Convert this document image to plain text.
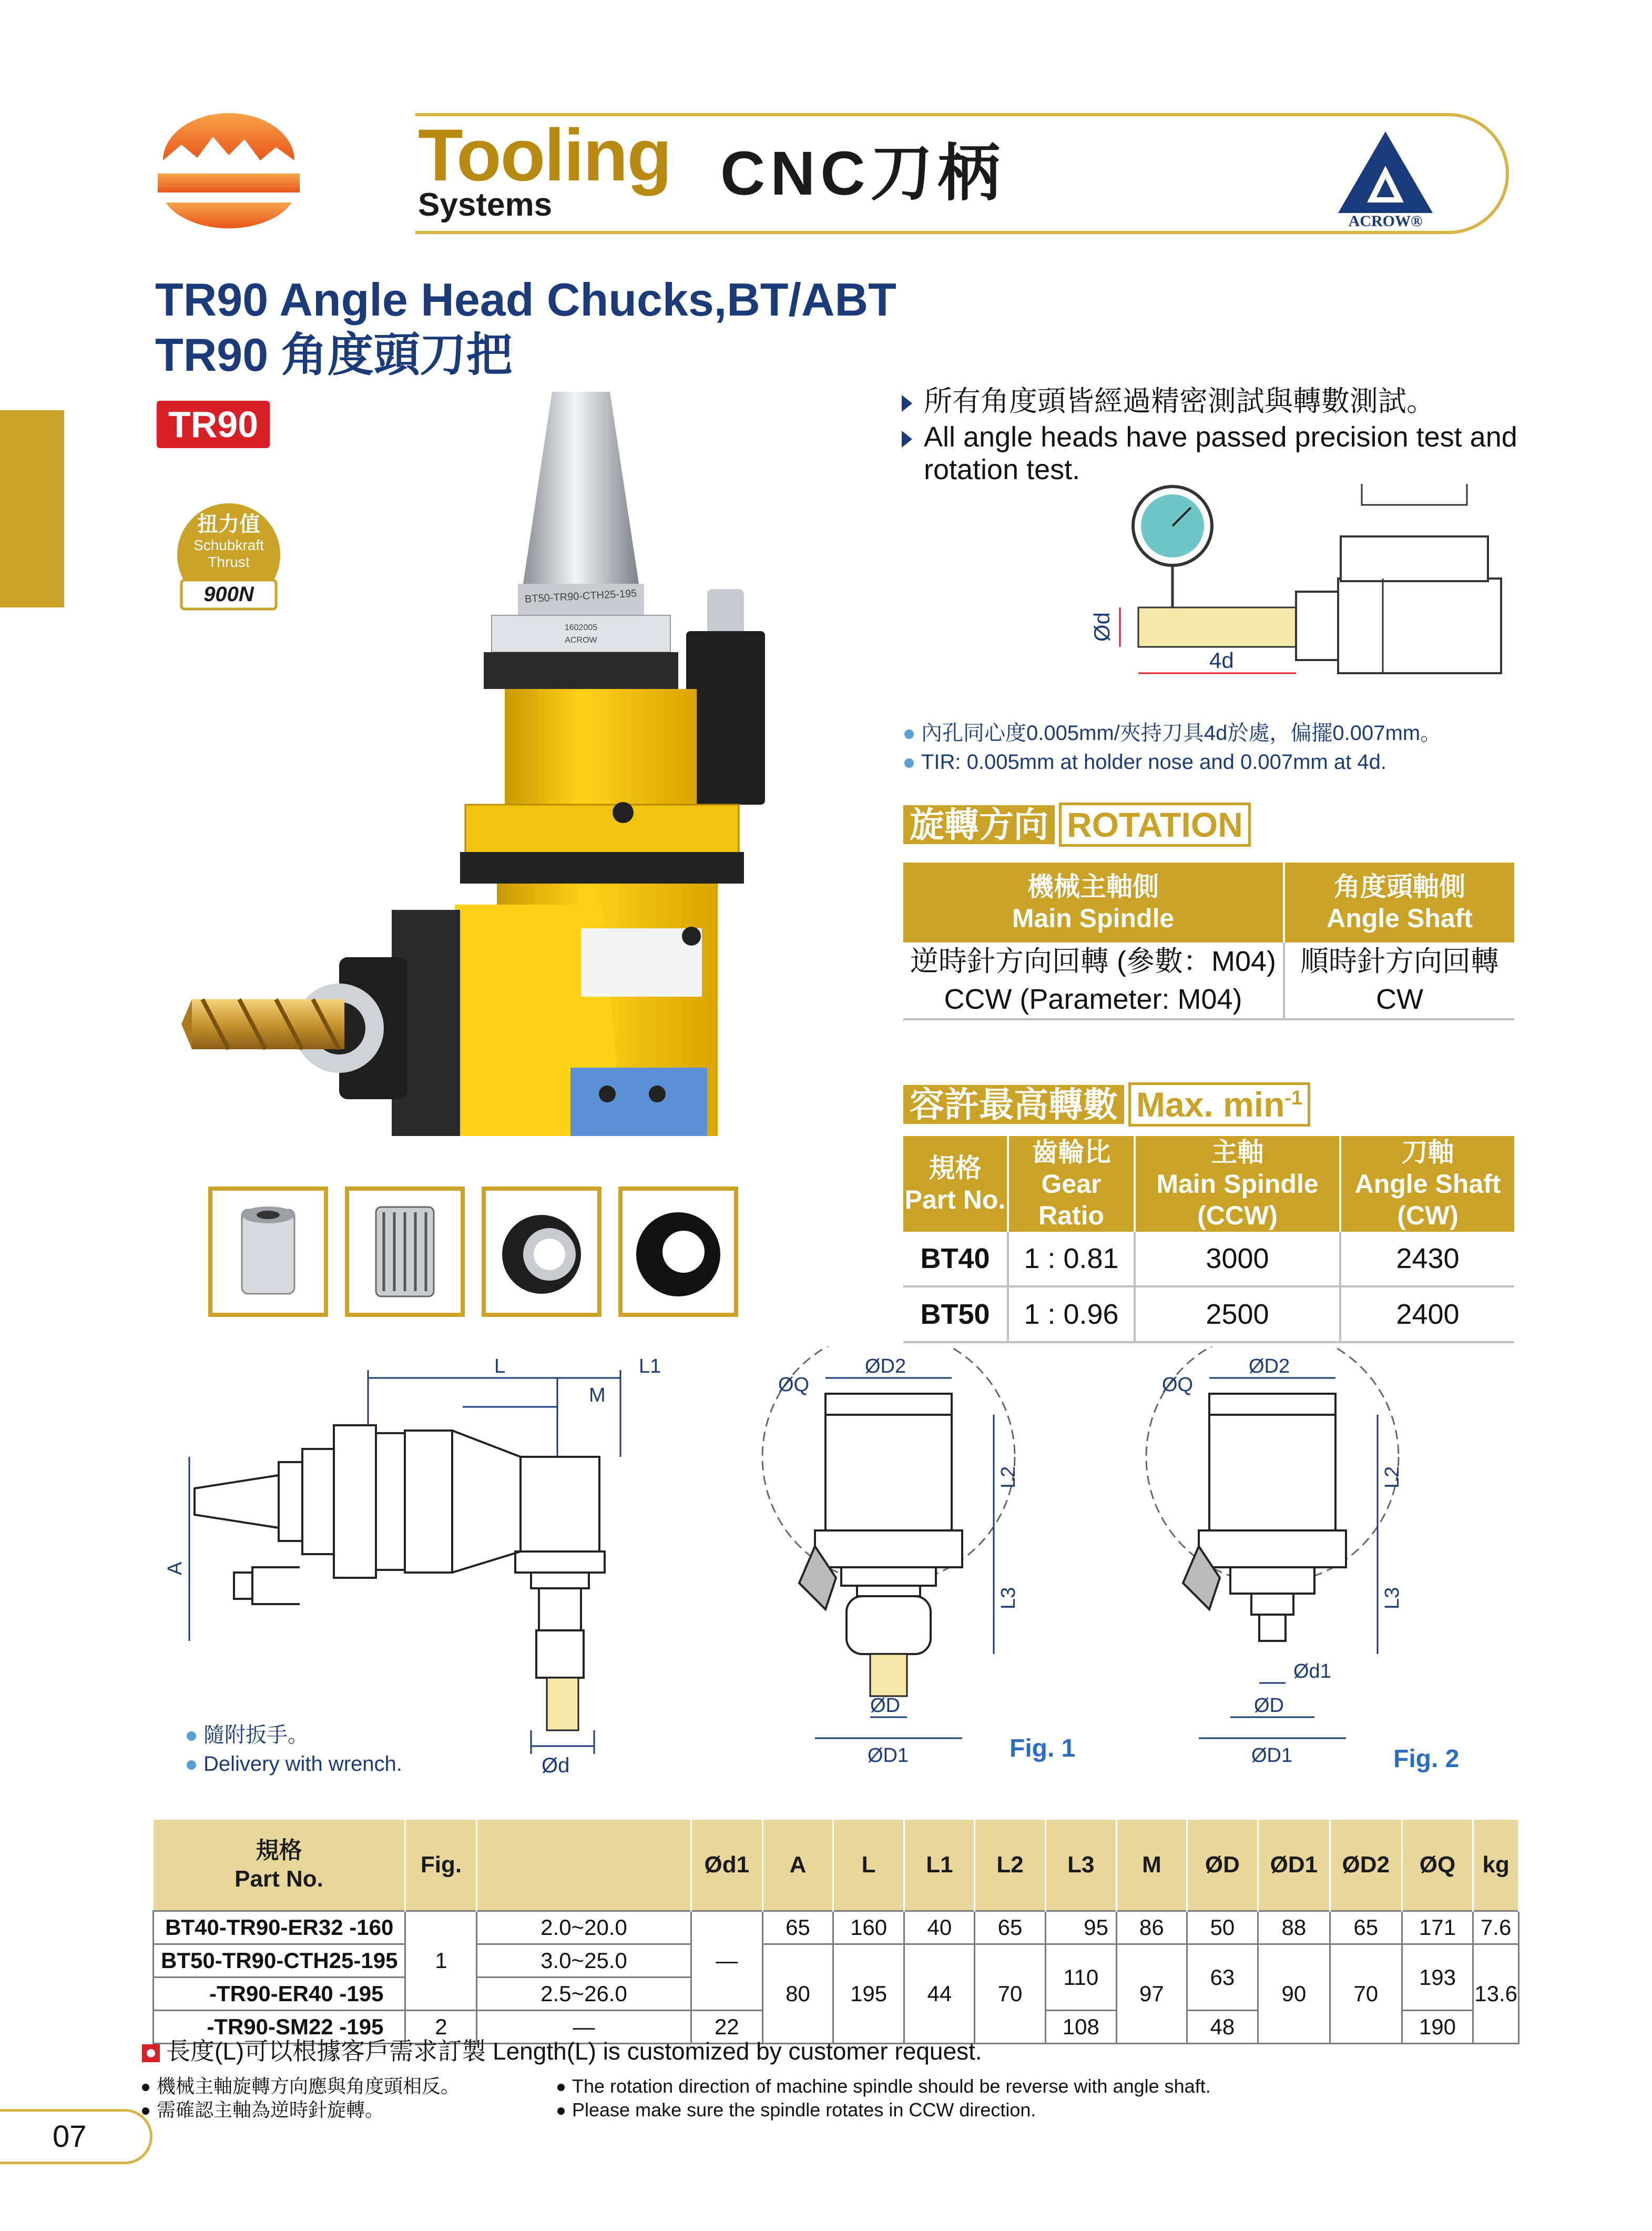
Tooling
Systems	CNC刀柄
ACROW®
TR90 Angle Head Chucks,BT/ABT
TR90 角度頭刀把
TR90
扭力值
Schubkraft
Thrust
900N	BT50-TR90-CTH25-195
1602005
ACROW
所有角度頭皆經過精密測試與轉數測試。
All angle heads have passed precision test and
rotation test.
Ød
4d
內孔同心度0.005mm/夾持刀具4d於處，偏擺0.007mm。
TIR: 0.005mm at holder nose and 0.007mm at 4d.
旋轉方向 ROTATION
機械主軸側
Main Spindle	角度頭軸側
Angle Shaft
逆時針方向回轉 (參數：M04)	順時針方向回轉
CCW (Parameter: M04)	CW
容許最高轉數 Max. $\min^{-1}$
規格
Part No.	齒輪比
Gear Ratio	主軸
Main Spindle (CCW)	刀軸
Angle Shaft (CW)
BT40	1 : 0.81	3000	2430
BT50	1 : 0.96	2500	2400
L	L1
M
A
Ød
ØQ
ØD2
L2
L3
ØD
ØD1	Fig. 1
ØQ
ØD2
L2
L3
Ød1
ØD
ØD1	Fig. 2
隨附扳手。
Delivery with wrench.
規格
Part No.	Fig.		Ød1	A	L	L1	L2	L3	M	ØD	ØD1	ØD2	ØQ	kg
BT40-TR90-ER32 -160	1	2.0~20.0	—	65	160	40	65	95	86	50	88	65	171	7.6
BT50-TR90-CTH25-195		3.0~25.0		80	195	44	70	110	97	63	90	70	193	13.6
-TR90-ER40 -195		2.5~26.0												
-TR90-SM22 -195	2	—	22					108		48			190	
長度(L)可以根據客戶需求訂製 Length(L) is customized by customer request.
機械主軸旋轉方向應與角度頭相反。
需確認主軸為逆時針旋轉。
The rotation direction of machine spindle should be reverse with angle shaft.
Please make sure the spindle rotates in CCW direction.
07
